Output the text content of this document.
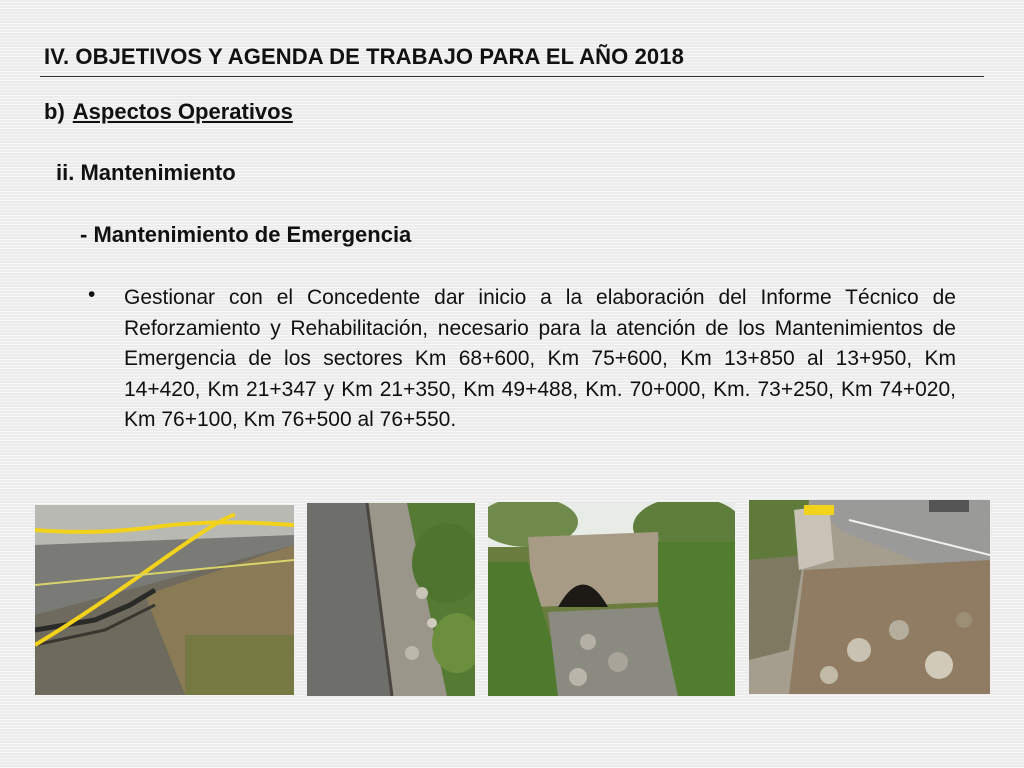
IV. OBJETIVOS Y AGENDA DE TRABAJO PARA EL AÑO 2018
b) Aspectos Operativos
ii. Mantenimiento
- Mantenimiento de Emergencia
• Gestionar con el Concedente dar inicio a la elaboración del Informe Técnico de Reforzamiento y Rehabilitación, necesario para la atención de los Mantenimientos de Emergencia de los sectores Km 68+600, Km 75+600, Km 13+850 al 13+950, Km 14+420, Km 21+347 y Km 21+350, Km 49+488, Km. 70+000, Km. 73+250, Km 74+020, Km 76+100, Km 76+500 al 76+550.
